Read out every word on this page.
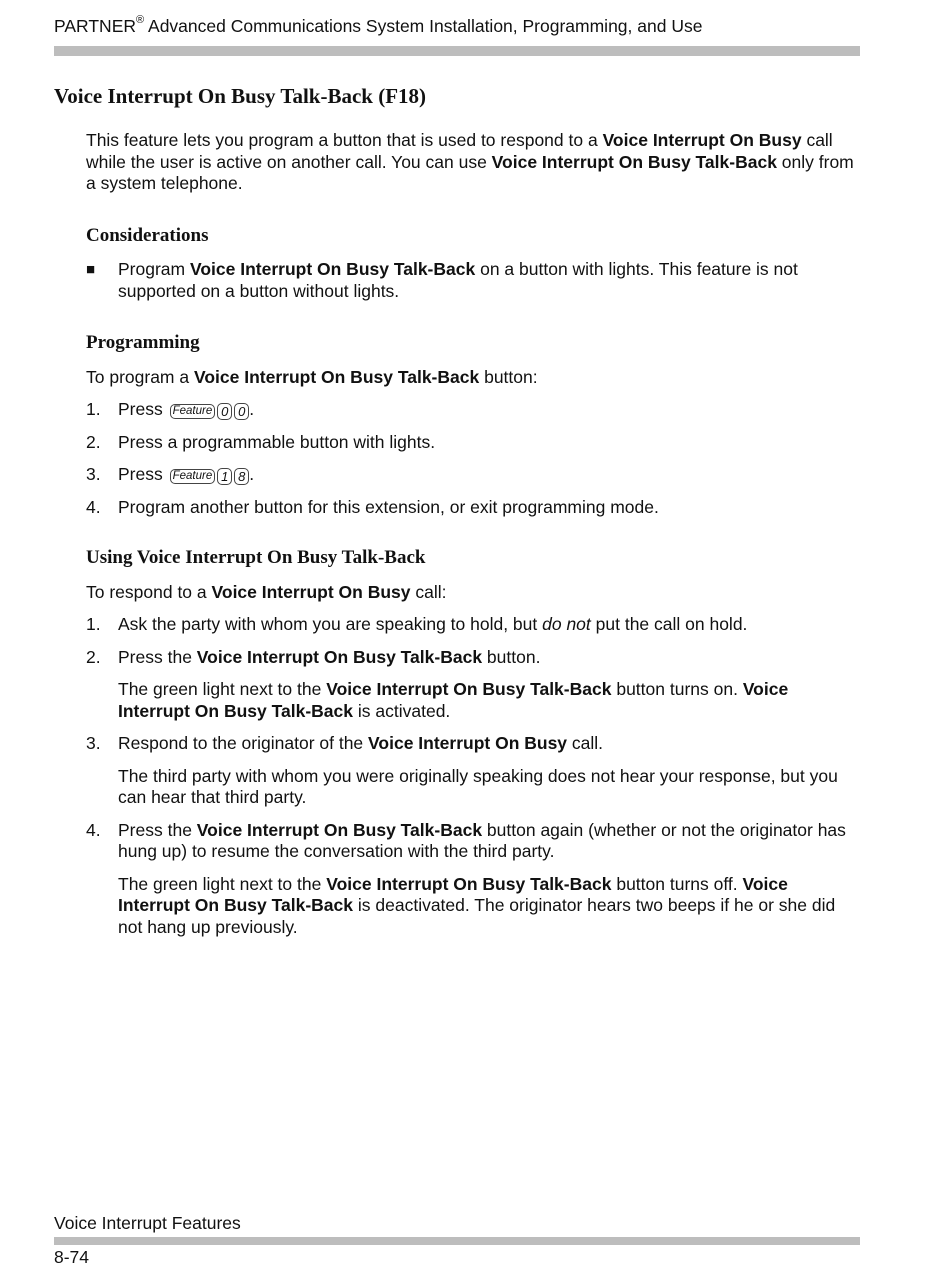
PARTNER® Advanced Communications System Installation, Programming, and Use
Voice Interrupt On Busy Talk-Back (F18)

This feature lets you program a button that is used to respond to a Voice Interrupt On Busy call while the user is active on another call. You can use Voice Interrupt On Busy Talk-Back only from a system telephone.

Considerations
■ Program Voice Interrupt On Busy Talk-Back on a button with lights. This feature is not supported on a button without lights.
Programming

To program a Voice Interrupt On Busy Talk-Back button:

1. Press Feature 0 0 .
2. Press a programmable button with lights.
3. Press Feature 1 8 .
4. Program another button for this extension, or exit programming mode.
Using Voice Interrupt On Busy Talk-Back

To respond to a Voice Interrupt On Busy call:

1. Ask the party with whom you are speaking to hold, but do not put the call on hold.
2. Press the Voice Interrupt On Busy Talk-Back button.

The green light next to the Voice Interrupt On Busy Talk-Back button turns on. Voice Interrupt On Busy Talk-Back is activated.

3. Respond to the originator of the Voice Interrupt On Busy call.

The third party with whom you were originally speaking does not hear your response, but you can hear that third party.

4. Press the Voice Interrupt On Busy Talk-Back button again (whether or not the originator has hung up) to resume the conversation with the third party.

The green light next to the Voice Interrupt On Busy Talk-Back button turns off. Voice Interrupt On Busy Talk-Back is deactivated. The originator hears two beeps if he or she did not hang up previously.

Voice Interrupt Features
8-74
